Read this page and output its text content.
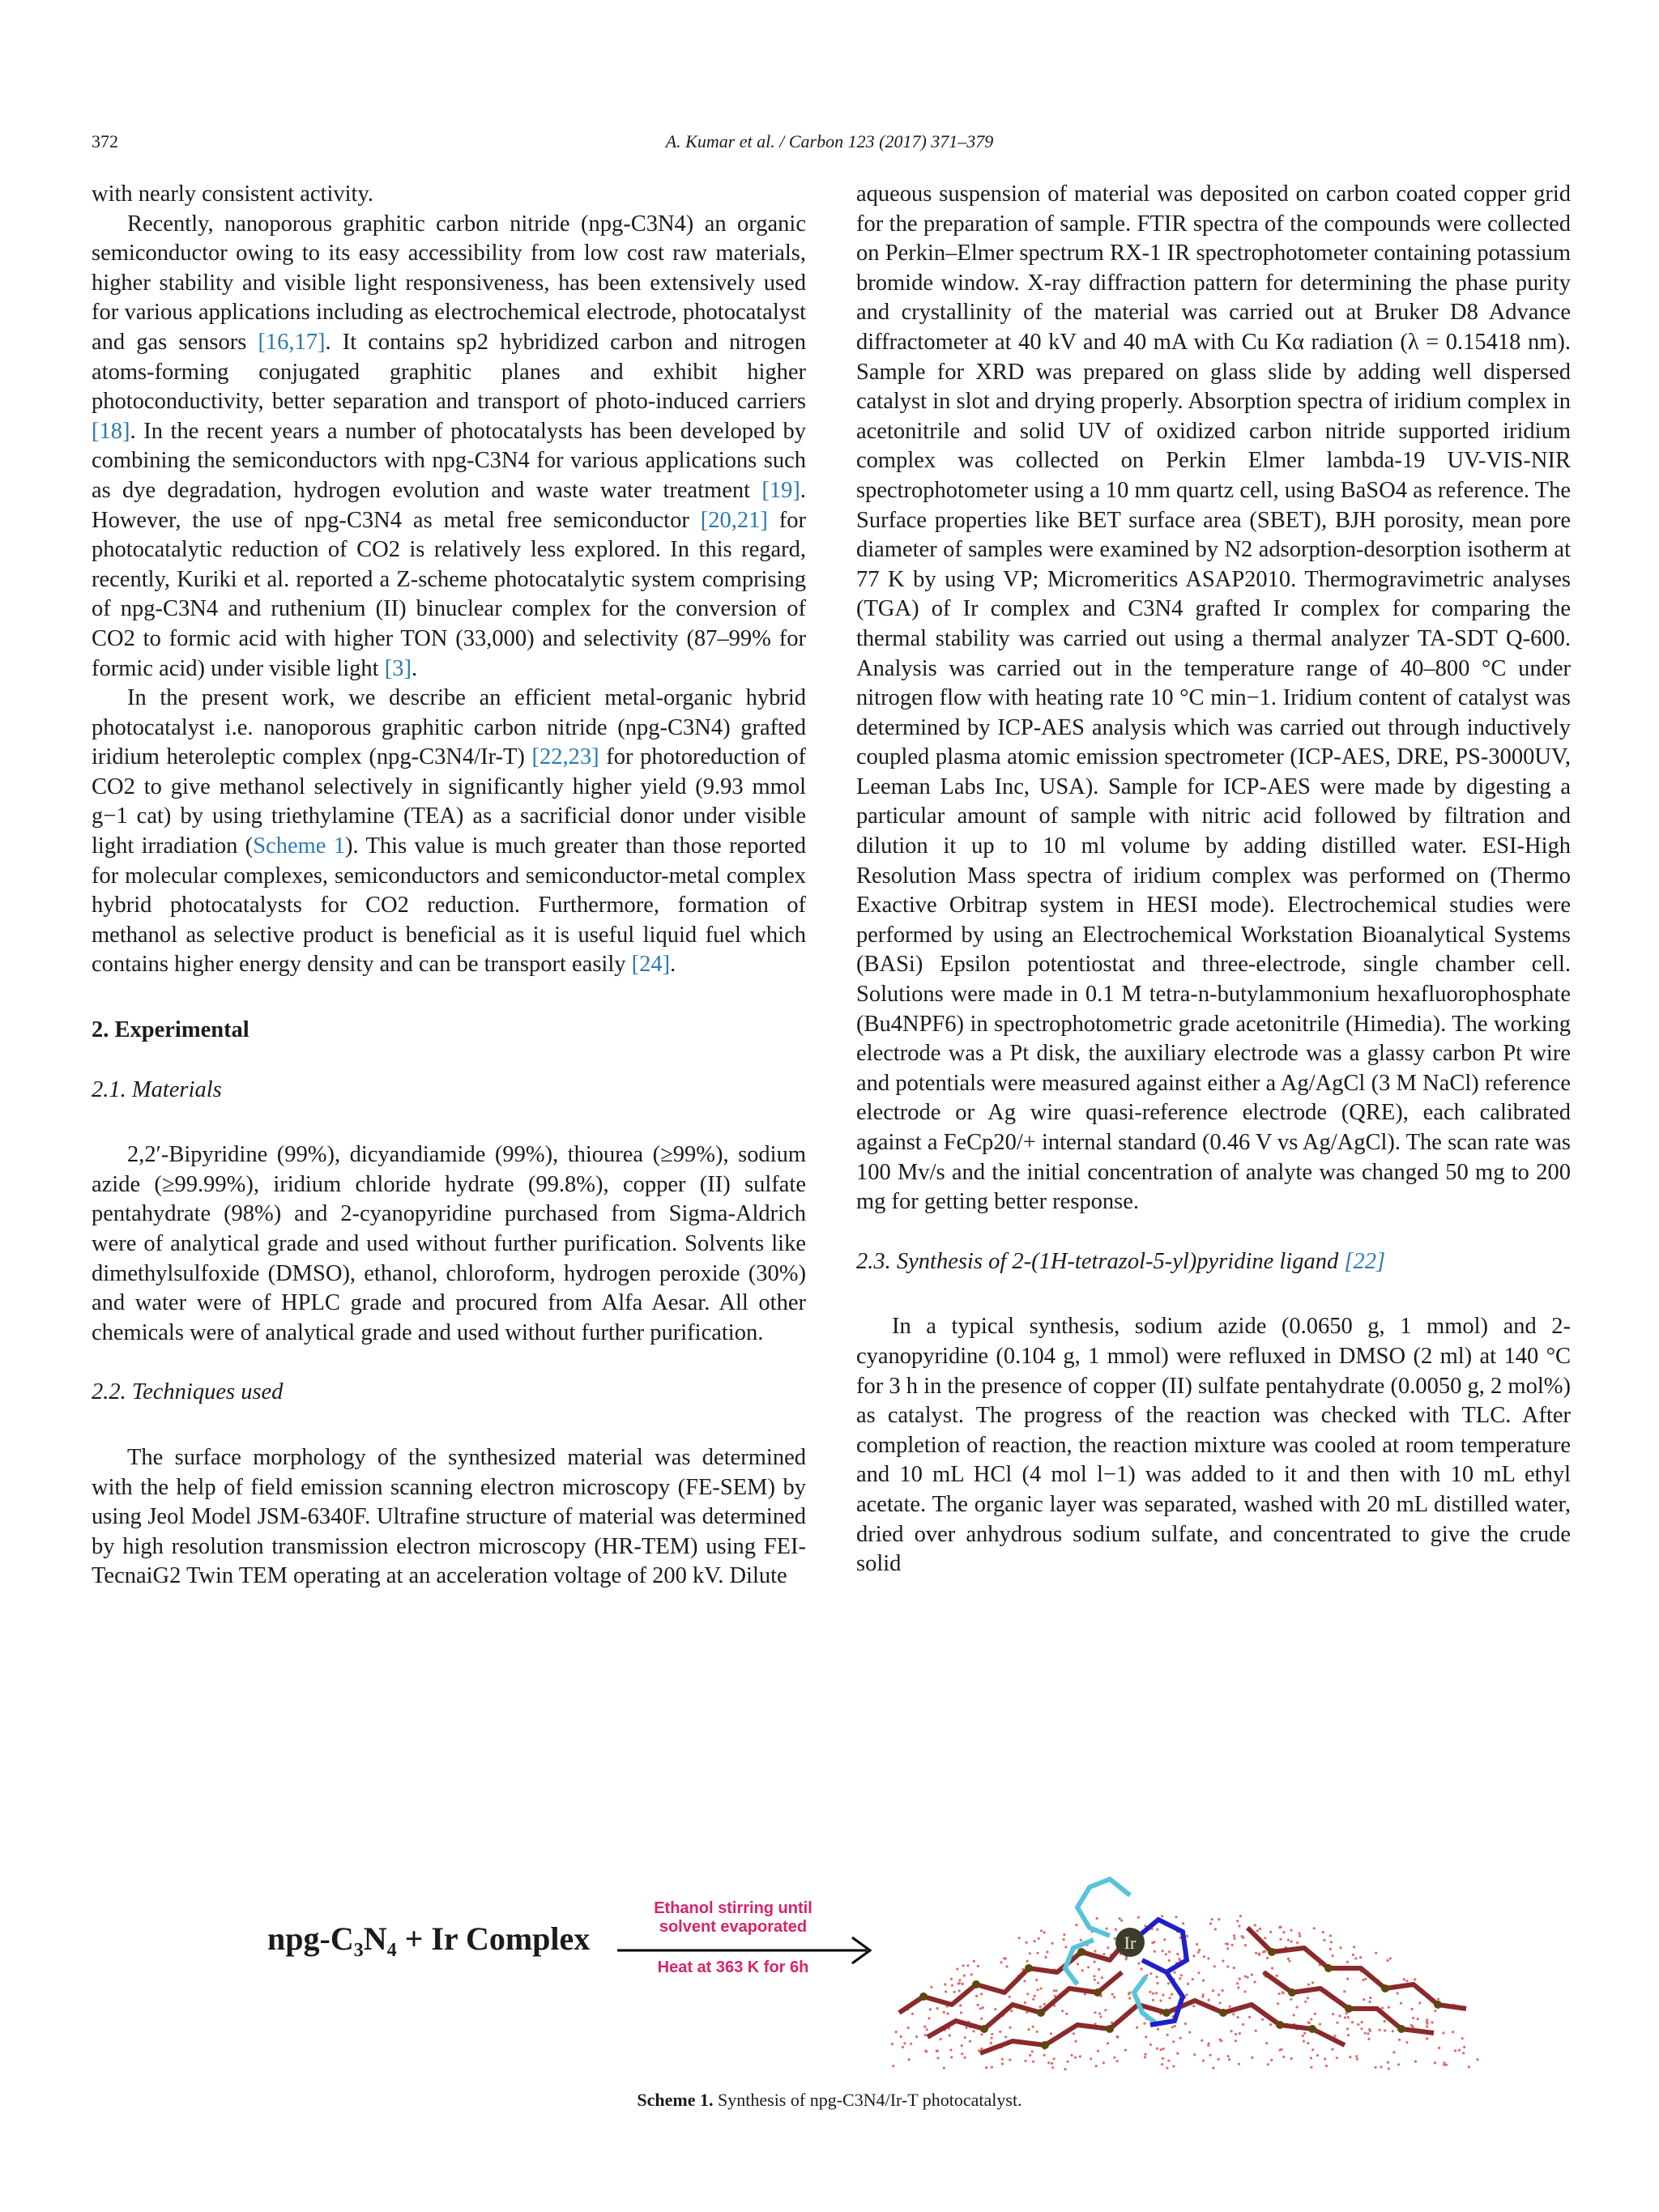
372	A. Kumar et al. / Carbon 123 (2017) 371–379

with nearly consistent activity.

Recently, nanoporous graphitic carbon nitride (npg-C3N4) an organic semiconductor owing to its easy accessibility from low cost raw materials, higher stability and visible light responsiveness, has been extensively used for various applications including as electrochemical electrode, photocatalyst and gas sensors [16,17]. It contains sp2 hybridized carbon and nitrogen atoms-forming conjugated graphitic planes and exhibit higher photoconductivity, better separation and transport of photo-induced carriers [18]. In the recent years a number of photocatalysts has been developed by combining the semiconductors with npg-C3N4 for various applications such as dye degradation, hydrogen evolution and waste water treatment [19]. However, the use of npg-C3N4 as metal free semiconductor [20,21] for photocatalytic reduction of CO2 is relatively less explored. In this regard, recently, Kuriki et al. reported a Z-scheme photocatalytic system comprising of npg-C3N4 and ruthenium (II) binuclear complex for the conversion of CO2 to formic acid with higher TON (33,000) and selectivity (87–99% for formic acid) under visible light [3].

In the present work, we describe an efficient metal-organic hybrid photocatalyst i.e. nanoporous graphitic carbon nitride (npg-C3N4) grafted iridium heteroleptic complex (npg-C3N4/Ir-T) [22,23] for photoreduction of CO2 to give methanol selectively in significantly higher yield (9.93 mmol g−1 cat) by using triethylamine (TEA) as a sacrificial donor under visible light irradiation (Scheme 1). This value is much greater than those reported for molecular complexes, semiconductors and semiconductor-metal complex hybrid photocatalysts for CO2 reduction. Furthermore, formation of methanol as selective product is beneficial as it is useful liquid fuel which contains higher energy density and can be transport easily [24].

2. Experimental

2.1. Materials

2,2′-Bipyridine (99%), dicyandiamide (99%), thiourea (≥99%), sodium azide (≥99.99%), iridium chloride hydrate (99.8%), copper (II) sulfate pentahydrate (98%) and 2-cyanopyridine purchased from Sigma-Aldrich were of analytical grade and used without further purification. Solvents like dimethylsulfoxide (DMSO), ethanol, chloroform, hydrogen peroxide (30%) and water were of HPLC grade and procured from Alfa Aesar. All other chemicals were of analytical grade and used without further purification.

2.2. Techniques used

The surface morphology of the synthesized material was determined with the help of field emission scanning electron microscopy (FE-SEM) by using Jeol Model JSM-6340F. Ultrafine structure of material was determined by high resolution transmission electron microscopy (HR-TEM) using FEI-TecnaiG2 Twin TEM operating at an acceleration voltage of 200 kV. Dilute

aqueous suspension of material was deposited on carbon coated copper grid for the preparation of sample. FTIR spectra of the compounds were collected on Perkin–Elmer spectrum RX-1 IR spectrophotometer containing potassium bromide window. X-ray diffraction pattern for determining the phase purity and crystallinity of the material was carried out at Bruker D8 Advance diffractometer at 40 kV and 40 mA with Cu Kα radiation (λ = 0.15418 nm). Sample for XRD was prepared on glass slide by adding well dispersed catalyst in slot and drying properly. Absorption spectra of iridium complex in acetonitrile and solid UV of oxidized carbon nitride supported iridium complex was collected on Perkin Elmer lambda-19 UV-VIS-NIR spectrophotometer using a 10 mm quartz cell, using BaSO4 as reference. The Surface properties like BET surface area (SBET), BJH porosity, mean pore diameter of samples were examined by N2 adsorption-desorption isotherm at 77 K by using VP; Micromeritics ASAP2010. Thermogravimetric analyses (TGA) of Ir complex and C3N4 grafted Ir complex for comparing the thermal stability was carried out using a thermal analyzer TA-SDT Q-600. Analysis was carried out in the temperature range of 40–800 °C under nitrogen flow with heating rate 10 °C min−1. Iridium content of catalyst was determined by ICP-AES analysis which was carried out through inductively coupled plasma atomic emission spectrometer (ICP-AES, DRE, PS-3000UV, Leeman Labs Inc, USA). Sample for ICP-AES were made by digesting a particular amount of sample with nitric acid followed by filtration and dilution it up to 10 ml volume by adding distilled water. ESI-High Resolution Mass spectra of iridium complex was performed on (Thermo Exactive Orbitrap system in HESI mode). Electrochemical studies were performed by using an Electrochemical Workstation Bioanalytical Systems (BASi) Epsilon potentiostat and three-electrode, single chamber cell. Solutions were made in 0.1 M tetra-n-butylammonium hexafluorophosphate (Bu4NPF6) in spectrophotometric grade acetonitrile (Himedia). The working electrode was a Pt disk, the auxiliary electrode was a glassy carbon Pt wire and potentials were measured against either a Ag/AgCl (3 M NaCl) reference electrode or Ag wire quasi-reference electrode (QRE), each calibrated against a FeCp20/+ internal standard (0.46 V vs Ag/AgCl). The scan rate was 100 Mv/s and the initial concentration of analyte was changed 50 mg to 200 mg for getting better response.

2.3. Synthesis of 2-(1H-tetrazol-5-yl)pyridine ligand [22]

In a typical synthesis, sodium azide (0.0650 g, 1 mmol) and 2-cyanopyridine (0.104 g, 1 mmol) were refluxed in DMSO (2 ml) at 140 °C for 3 h in the presence of copper (II) sulfate pentahydrate (0.0050 g, 2 mol%) as catalyst. The progress of the reaction was checked with TLC. After completion of reaction, the reaction mixture was cooled at room temperature and 10 mL HCl (4 mol l−1) was added to it and then with 10 mL ethyl acetate. The organic layer was separated, washed with 20 mL distilled water, dried over anhydrous sodium sulfate, and concentrated to give the crude solid

npg-C₃N₄ + Ir Complex
Ethanol stirring until
solvent evaporated
Heat at 363 K for 6h
Ir
Scheme 1. Synthesis of npg-C3N4/Ir-T photocatalyst.
